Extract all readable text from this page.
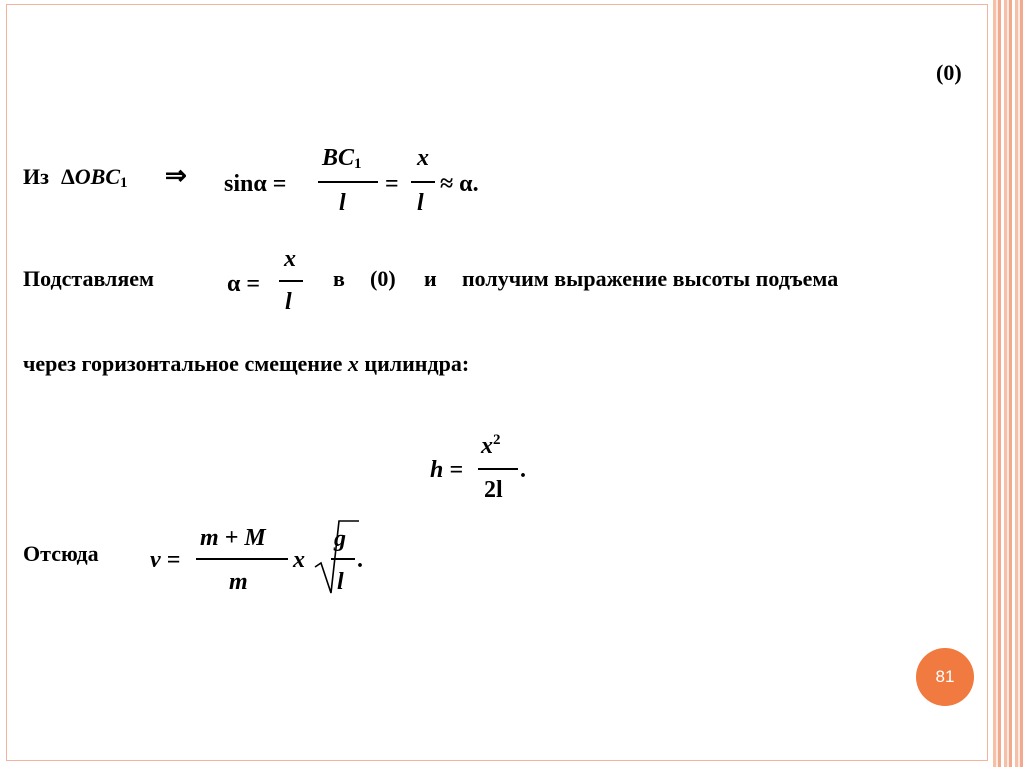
(0)
Из $\Delta OBC_1$ ⇒ sinα =
$BC_1$
l
=
x
l
≈ α.
Подставляем	α =
x
l
в (0) и получим выражение высоты подъема
через горизонтальное смещение x цилиндра:
h =
$x^2$
2l
.
Отсюда v =
m + M
m
x
g
l
.
81
